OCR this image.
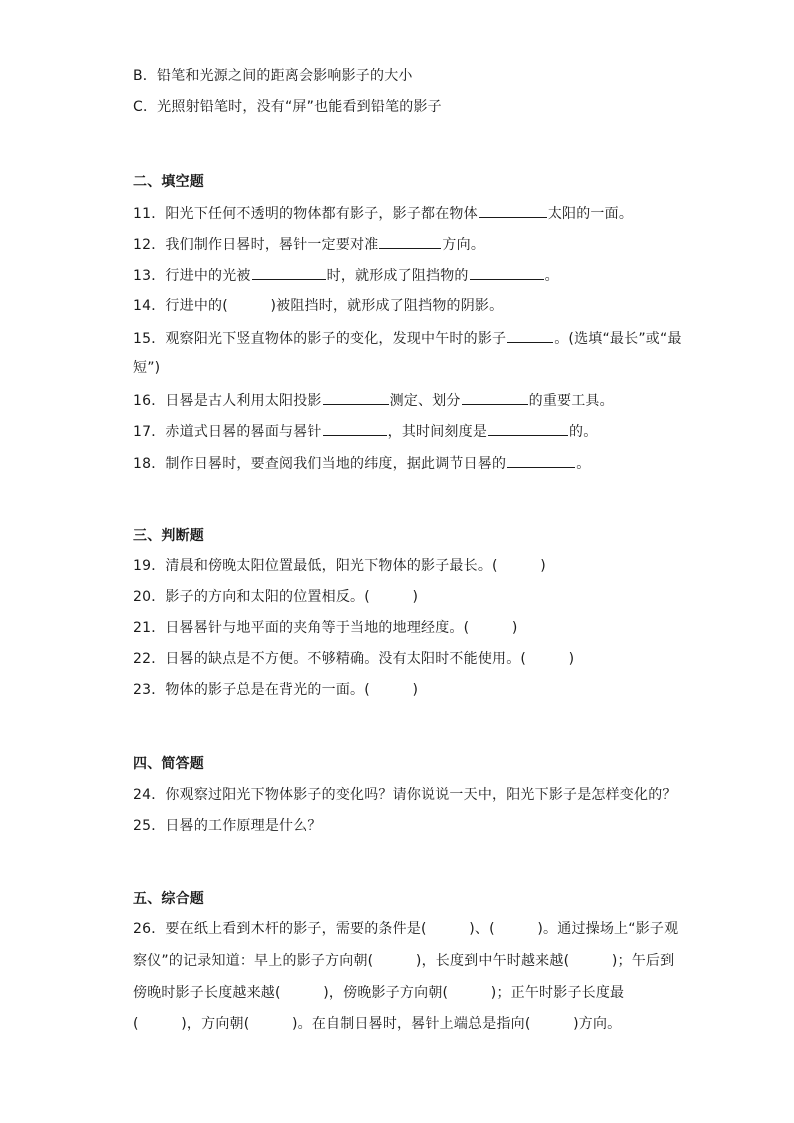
B．铅笔和光源之间的距离会影响影子的大小
C．光照射铅笔时，没有“屏”也能看到铅笔的影子
二、填空题
11．阳光下任何不透明的物体都有影子，影子都在物体	太阳的一面。
12．我们制作日晷时，晷针一定要对准	方向。
13．行进中的光被	时，就形成了阻挡物的	。
14．行进中的(　　　)被阻挡时，就形成了阻挡物的阴影。
15．观察阳光下竖直物体的影子的变化，发现中午时的影子	。(选填“最长”或“最
短”)
16．日晷是古人利用太阳投影	测定、划分	的重要工具。
17．赤道式日晷的晷面与晷针	，其时间刻度是	的。
18．制作日晷时，要查阅我们当地的纬度，据此调节日晷的	。
三、判断题
19．清晨和傍晚太阳位置最低，阳光下物体的影子最长。(　　　)
20．影子的方向和太阳的位置相反。(　　　)
21．日晷晷针与地平面的夹角等于当地的地理经度。(　　　)
22．日晷的缺点是不方便。不够精确。没有太阳时不能使用。(　　　)
23．物体的影子总是在背光的一面。(　　　)
四、简答题
24．你观察过阳光下物体影子的变化吗？请你说说一天中，阳光下影子是怎样变化的？
25．日晷的工作原理是什么？
五、综合题
26．要在纸上看到木杆的影子，需要的条件是(　　　)、(　　　)。通过操场上“影子观
察仪”的记录知道：早上的影子方向朝(　　　)，长度到中午时越来越(　　　)；午后到
傍晚时影子长度越来越(　　　)，傍晚影子方向朝(　　　)；正午时影子长度最
(　　　)，方向朝(　　　)。在自制日晷时，晷针上端总是指向(　　　)方向。
